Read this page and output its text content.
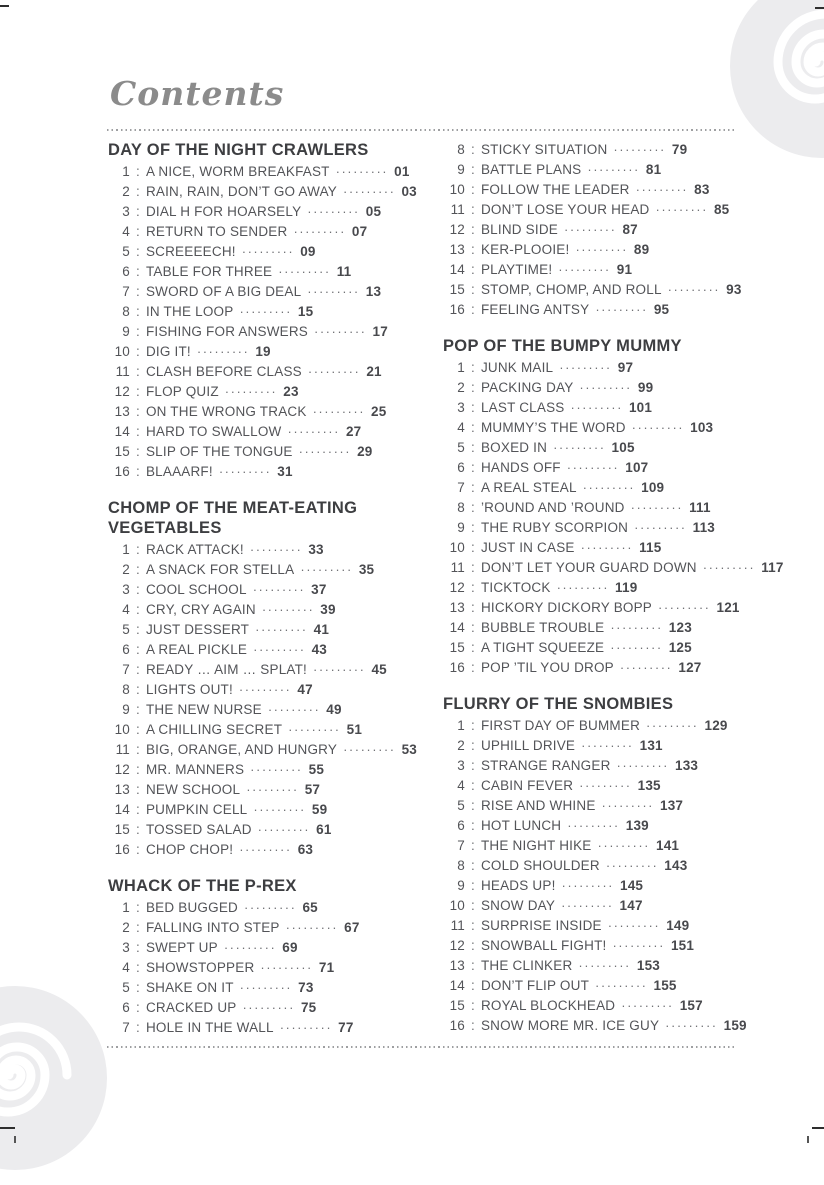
Contents
DAY OF THE NIGHT CRAWLERS
1 : A NICE, WORM BREAKFAST ········· 01
2 : RAIN, RAIN, DON’T GO AWAY ········· 03
3 : DIAL H FOR HOARSELY ········· 05
4 : RETURN TO SENDER ········· 07
5 : SCREEEECH! ········· 09
6 : TABLE FOR THREE ········· 11
7 : SWORD OF A BIG DEAL ········· 13
8 : IN THE LOOP ········· 15
9 : FISHING FOR ANSWERS ········· 17
10 : DIG IT! ········· 19
11 : CLASH BEFORE CLASS ········· 21
12 : FLOP QUIZ ········· 23
13 : ON THE WRONG TRACK ········· 25
14 : HARD TO SWALLOW ········· 27
15 : SLIP OF THE TONGUE ········· 29
16 : BLAAARF! ········· 31
CHOMP OF THE MEAT-EATING VEGETABLES
1 : RACK ATTACK! ········· 33
2 : A SNACK FOR STELLA ········· 35
3 : COOL SCHOOL ········· 37
4 : CRY, CRY AGAIN ········· 39
5 : JUST DESSERT ········· 41
6 : A REAL PICKLE ········· 43
7 : READY … AIM … SPLAT! ········· 45
8 : LIGHTS OUT! ········· 47
9 : THE NEW NURSE ········· 49
10 : A CHILLING SECRET ········· 51
11 : BIG, ORANGE, AND HUNGRY ········· 53
12 : MR. MANNERS ········· 55
13 : NEW SCHOOL ········· 57
14 : PUMPKIN CELL ········· 59
15 : TOSSED SALAD ········· 61
16 : CHOP CHOP! ········· 63
WHACK OF THE P-REX
1 : BED BUGGED ········· 65
2 : FALLING INTO STEP ········· 67
3 : SWEPT UP ········· 69
4 : SHOWSTOPPER ········· 71
5 : SHAKE ON IT ········· 73
6 : CRACKED UP ········· 75
7 : HOLE IN THE WALL ········· 77
8 : STICKY SITUATION ········· 79
9 : BATTLE PLANS ········· 81
10 : FOLLOW THE LEADER ········· 83
11 : DON’T LOSE YOUR HEAD ········· 85
12 : BLIND SIDE ········· 87
13 : KER-PLOOIE! ········· 89
14 : PLAYTIME! ········· 91
15 : STOMP, CHOMP, AND ROLL ········· 93
16 : FEELING ANTSY ········· 95
POP OF THE BUMPY MUMMY
1 : JUNK MAIL ········· 97
2 : PACKING DAY ········· 99
3 : LAST CLASS ········· 101
4 : MUMMY’S THE WORD ········· 103
5 : BOXED IN ········· 105
6 : HANDS OFF ········· 107
7 : A REAL STEAL ········· 109
8 : ’ROUND AND ’ROUND ········· 111
9 : THE RUBY SCORPION ········· 113
10 : JUST IN CASE ········· 115
11 : DON’T LET YOUR GUARD DOWN ········· 117
12 : TICKTOCK ········· 119
13 : HICKORY DICKORY BOPP ········· 121
14 : BUBBLE TROUBLE ········· 123
15 : A TIGHT SQUEEZE ········· 125
16 : POP ’TIL YOU DROP ········· 127
FLURRY OF THE SNOMBIES
1 : FIRST DAY OF BUMMER ········· 129
2 : UPHILL DRIVE ········· 131
3 : STRANGE RANGER ········· 133
4 : CABIN FEVER ········· 135
5 : RISE AND WHINE ········· 137
6 : HOT LUNCH ········· 139
7 : THE NIGHT HIKE ········· 141
8 : COLD SHOULDER ········· 143
9 : HEADS UP! ········· 145
10 : SNOW DAY ········· 147
11 : SURPRISE INSIDE ········· 149
12 : SNOWBALL FIGHT! ········· 151
13 : THE CLINKER ········· 153
14 : DON’T FLIP OUT ········· 155
15 : ROYAL BLOCKHEAD ········· 157
16 : SNOW MORE MR. ICE GUY ········· 159
